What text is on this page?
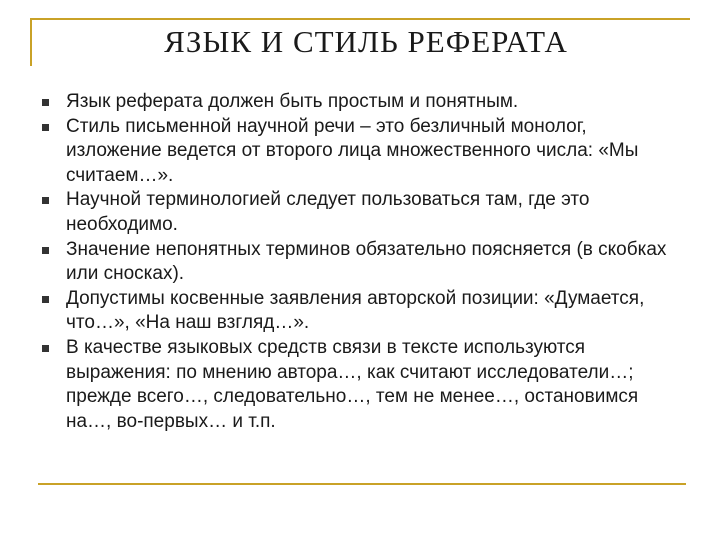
ЯЗЫК И СТИЛЬ РЕФЕРАТА
Язык реферата должен быть простым и понятным.
Стиль письменной научной речи – это безличный монолог, изложение ведется от второго лица множественного числа: «Мы считаем…».
Научной терминологией следует пользоваться там, где это необходимо.
Значение непонятных терминов обязательно поясняется (в скобках или сносках).
Допустимы косвенные заявления авторской позиции: «Думается, что…», «На наш взгляд…».
В качестве языковых средств связи в тексте используются выражения: по мнению автора…, как считают исследователи…; прежде всего…, следовательно…, тем не менее…, остановимся на…, во-первых… и т.п.
